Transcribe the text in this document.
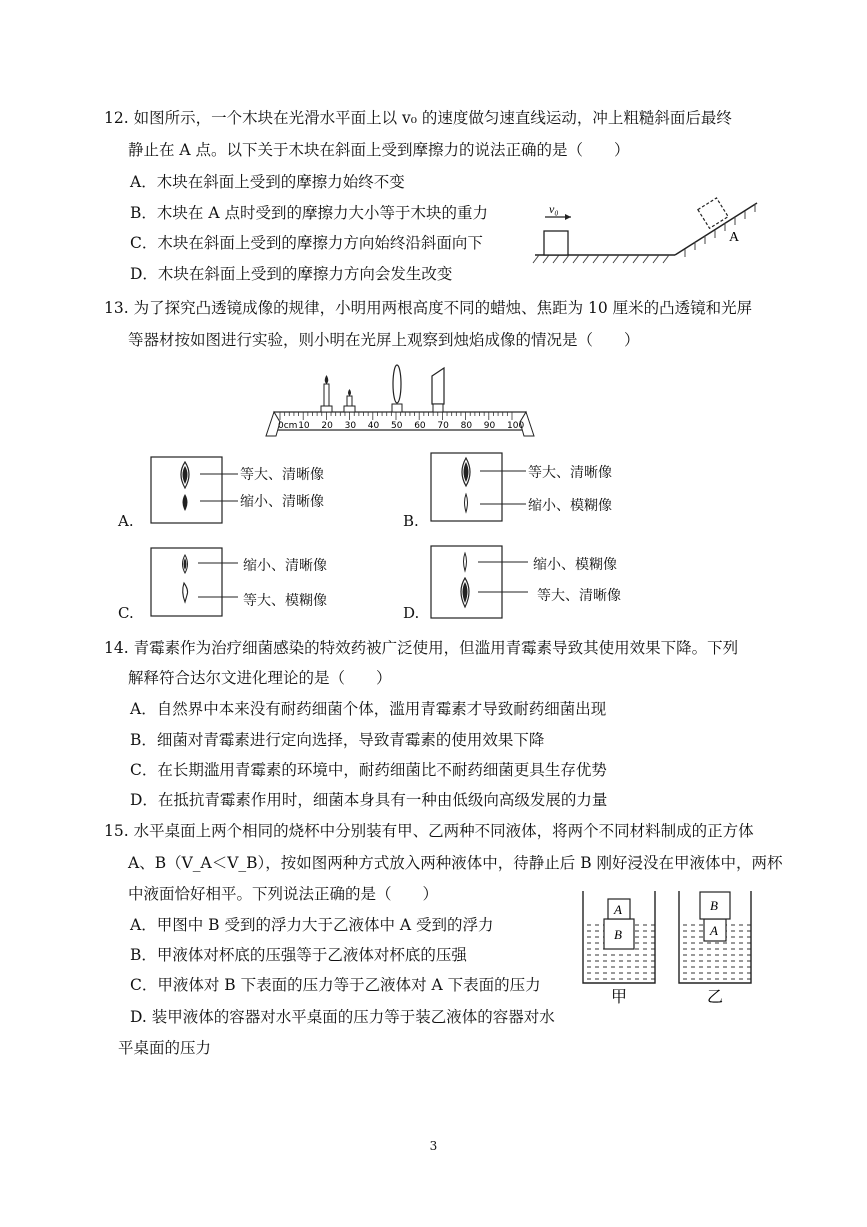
12. 如图所示，一个木块在光滑水平面上以 v₀ 的速度做匀速直线运动，冲上粗糙斜面后最终
静止在 A 点。以下关于木块在斜面上受到摩擦力的说法正确的是（　　）
A．木块在斜面上受到的摩擦力始终不变
B．木块在 A 点时受到的摩擦力大小等于木块的重力
C．木块在斜面上受到的摩擦力方向始终沿斜面向下
D．木块在斜面上受到的摩擦力方向会发生改变
v₀
A
13. 为了探究凸透镜成像的规律，小明用两根高度不同的蜡烛、焦距为 10 厘米的凸透镜和光屏
等器材按如图进行实验，则小明在光屏上观察到烛焰成像的情况是（　　）
0cm 10 20 30 40 50 60 70 80 90 100
A.
等大、清晰像
缩小、清晰像
B.
等大、清晰像
缩小、模糊像
C.
缩小、清晰像
等大、模糊像
D.
缩小、模糊像
等大、清晰像
14. 青霉素作为治疗细菌感染的特效药被广泛使用，但滥用青霉素导致其使用效果下降。下列
解释符合达尔文进化理论的是（　　）
A．自然界中本来没有耐药细菌个体，滥用青霉素才导致耐药细菌出现
B．细菌对青霉素进行定向选择，导致青霉素的使用效果下降
C．在长期滥用青霉素的环境中，耐药细菌比不耐药细菌更具生存优势
D．在抵抗青霉素作用时，细菌本身具有一种由低级向高级发展的力量
15. 水平桌面上两个相同的烧杯中分别装有甲、乙两种不同液体，将两个不同材料制成的正方体
A、B（V_A＜V_B），按如图两种方式放入两种液体中，待静止后 B 刚好浸没在甲液体中，两杯
中液面恰好相平。下列说法正确的是（　　）
A．甲图中 B 受到的浮力大于乙液体中 A 受到的浮力
B．甲液体对杯底的压强等于乙液体对杯底的压强
C．甲液体对 B 下表面的压力等于乙液体对 A 下表面的压力
D. 装甲液体的容器对水平桌面的压力等于装乙液体的容器对水
平桌面的压力
A
B
B
A
甲	乙
3
